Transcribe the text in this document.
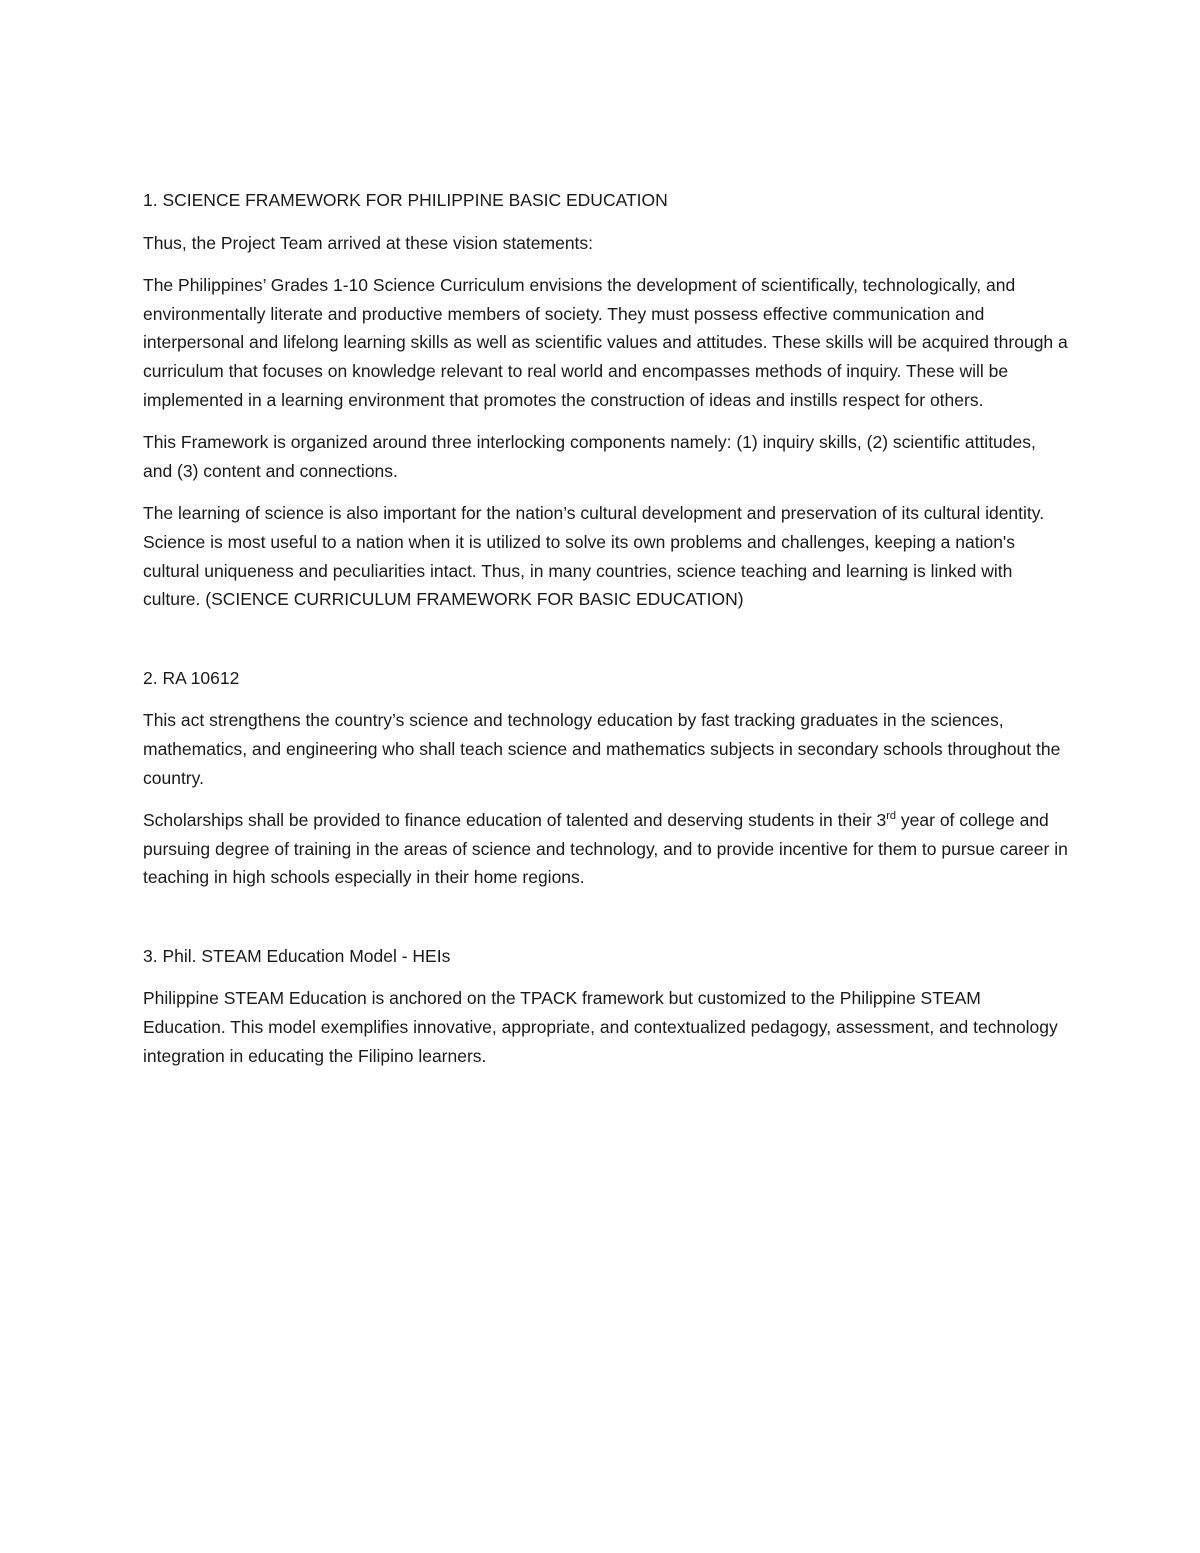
1. SCIENCE FRAMEWORK FOR PHILIPPINE BASIC EDUCATION

Thus, the Project Team arrived at these vision statements:

The Philippines’ Grades 1-10 Science Curriculum envisions the development of scientifically, technologically, and environmentally literate and productive members of society. They must possess effective communication and interpersonal and lifelong learning skills as well as scientific values and attitudes. These skills will be acquired through a curriculum that focuses on knowledge relevant to real world and encompasses methods of inquiry. These will be implemented in a learning environment that promotes the construction of ideas and instills respect for others.

This Framework is organized around three interlocking components namely: (1) inquiry skills, (2) scientific attitudes, and (3) content and connections.

The learning of science is also important for the nation’s cultural development and preservation of its cultural identity. Science is most useful to a nation when it is utilized to solve its own problems and challenges, keeping a nation's cultural uniqueness and peculiarities intact. Thus, in many countries, science teaching and learning is linked with culture. (SCIENCE CURRICULUM FRAMEWORK FOR BASIC EDUCATION)

2. RA 10612

This act strengthens the country’s science and technology education by fast tracking graduates in the sciences, mathematics, and engineering who shall teach science and mathematics subjects in secondary schools throughout the country.

Scholarships shall be provided to finance education of talented and deserving students in their 3rd year of college and pursuing degree of training in the areas of science and technology, and to provide incentive for them to pursue career in teaching in high schools especially in their home regions.

3. Phil. STEAM Education Model - HEIs

Philippine STEAM Education is anchored on the TPACK framework but customized to the Philippine STEAM Education. This model exemplifies innovative, appropriate, and contextualized pedagogy, assessment, and technology integration in educating the Filipino learners.
